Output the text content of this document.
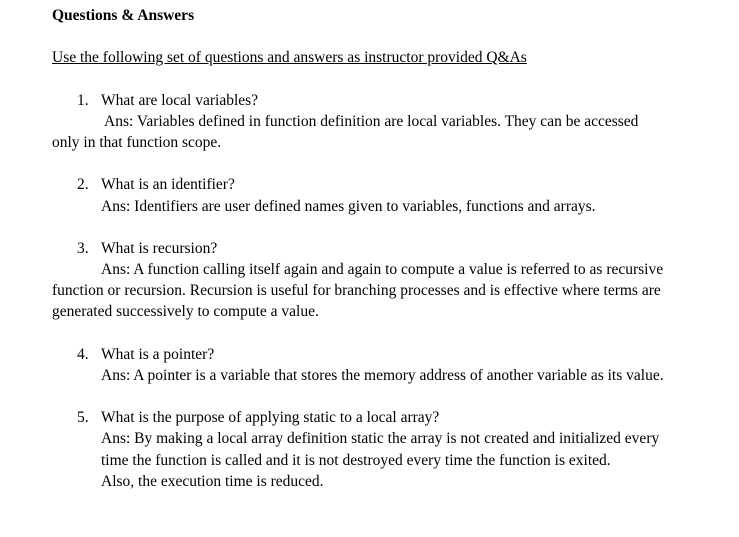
Questions & Answers
Use the following set of questions and answers as instructor provided Q&As
1. What are local variables?
Ans: Variables defined in function definition are local variables. They can be accessed
only in that function scope.
2. What is an identifier?
Ans: Identifiers are user defined names given to variables, functions and arrays.
3. What is recursion?
Ans: A function calling itself again and again to compute a value is referred to as recursive
function or recursion. Recursion is useful for branching processes and is effective where terms are
generated successively to compute a value.
4. What is a pointer?
Ans: A pointer is a variable that stores the memory address of another variable as its value.
5. What is the purpose of applying static to a local array?
Ans: By making a local array definition static the array is not created and initialized every
time the function is called and it is not destroyed every time the function is exited.
Also, the execution time is reduced.
